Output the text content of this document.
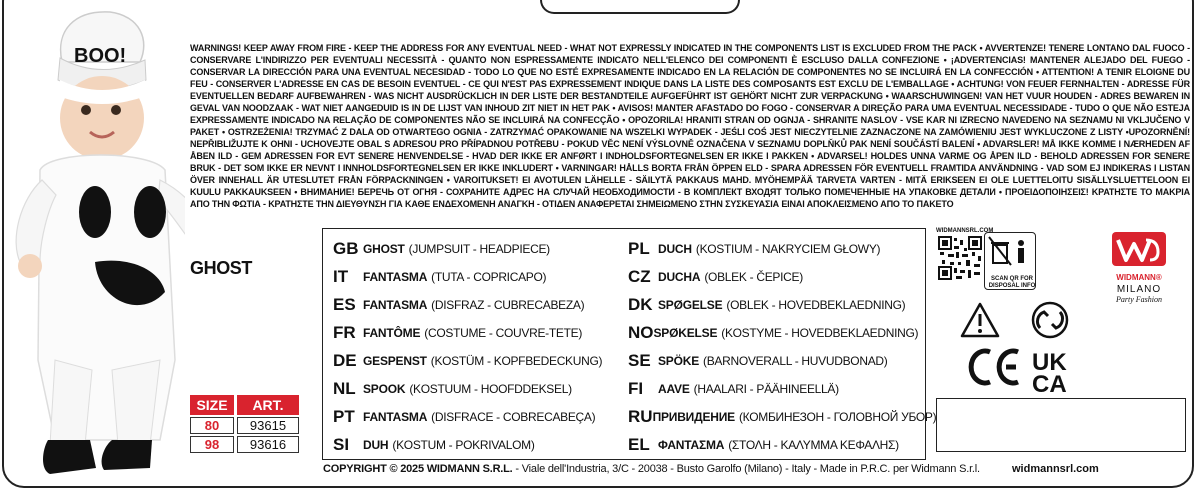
BOO!	WARNINGS! KEEP AWAY FROM FIRE - KEEP THE ADDRESS FOR ANY EVENTUAL NEED - WHAT NOT EXPRESSLY INDICATED IN THE COMPONENTS LIST IS EXCLUDED FROM THE PACK • AVVERTENZE! TENERE LONTANO DAL FUOCO - CONSERVARE L'INDIRIZZO PER EVENTUALI NECESSITÀ - QUANTO NON ESPRESSAMENTE INDICATO NELL'ELENCO DEI COMPONENTI È ESCLUSO DALLA CONFEZIONE • ¡ADVERTENCIAS! MANTENER ALEJADO DEL FUEGO - CONSERVAR LA DIRECCIÓN PARA UNA EVENTUAL NECESIDAD - TODO LO QUE NO ESTÉ EXPRESAMENTE INDICADO EN LA RELACIÓN DE COMPONENTES NO SE INCLUIRÁ EN LA CONFECCIÓN • ATTENTION! A TENIR ELOIGNE DU FEU - CONSERVER L'ADRESSE EN CAS DE BESOIN EVENTUEL - CE QUI N'EST PAS EXPRESSEMENT INDIQUE DANS LA LISTE DES COMPOSANTS EST EXCLU DE L'EMBALLAGE • ACHTUNG! VON FEUER FERNHALTEN - ADRESSE FÜR EVENTUELLEN BEDARF AUFBEWAHREN - WAS NICHT AUSDRÜCKLICH IN DER LISTE DER BESTANDTEILE AUFGEFÜHRT IST GEHÖRT NICHT ZUR VERPACKUNG • WAARSCHUWINGEN! VAN HET VUUR HOUDEN - ADRES BEWAREN IN GEVAL VAN NOODZAAK - WAT NIET AANGEDUID IS IN DE LIJST VAN INHOUD ZIT NIET IN HET PAK • AVISOS! MANTER AFASTADO DO FOGO - CONSERVAR A DIREÇÃO PARA UMA EVENTUAL NECESSIDADE - TUDO O QUE NÃO ESTEJA EXPRESSAMENTE INDICADO NA RELAÇÃO DE COMPONENTES NÃO SE INCLUIRÁ NA CONFECÇÃO • OPOZORILA! HRANITI STRAN OD OGNJA - SHRANITE NASLOV - VSE KAR NI IZRECNO NAVEDENO NA SEZNAMU NI VKLJUČENO V PAKET • OSTRZEŻENIA! TRZYMAĆ Z DALA OD OTWARTEGO OGNIA - ZATRZYMAĆ OPAKOWANIE NA WSZELKI WYPADEK - JEŚLI COŚ JEST NIECZYTELNIE ZAZNACZONE NA ZAMÓWIENIU JEST WYKLUCZONE Z LISTY •UPOZORNĚNÍ! NEPŘIBLIŽUJTE K OHNI - UCHOVEJTE OBAL S ADRESOU PRO PŘÍPADNOU POTŘEBU - POKUD VĚC NENÍ VÝSLOVNĚ OZNAČENA V SEZNAMU DOPLŇKŮ PAK NENÍ SOUČÁSTÍ BALENÍ • ADVARSLER! MÅ IKKE KOMME I NÆRHEDEN AF ÅBEN ILD - GEM ADRESSEN FOR EVT SENERE HENVENDELSE - HVAD DER IKKE ER ANFØRT I INDHOLDSFORTEGNELSEN ER IKKE I PAKKEN • ADVARSEL! HOLDES UNNA VARME OG ÅPEN ILD - BEHOLD ADRESSEN FOR SENERE BRUK - DET SOM IKKE ER NEVNT I INNHOLDSFORTEGNELSEN ER IKKE INKLUDERT • VARNINGAR! HÅLLS BORTA FRÅN ÖPPEN ELD - SPARA ADRESSEN FÖR EVENTUELL FRAMTIDA ANVÄNDNING - VAD SOM EJ INDIKERAS I LISTAN ÖVER INNEHALL ÄR UTESLUTET FRÅN FÖRPACKNINGEN • VAROITUKSET! EI AVOTULEN LÄHELLE - SÄILYTÄ PAKKAUS MAHD. MYÖHEMPÄÄ TARVETA VARTEN - MITÄ ERIKSEEN EI OLE LUETTELOITU SISÄLLYSLUETTELOON EI KUULU PAKKAUKSEEN • ВНИМАНИЕ! БЕРЕЧЬ ОТ ОГНЯ - СОХРАНИТЕ АДРЕС НА СЛУЧАЙ НЕОБХОДИМОСТИ - В КОМПЛЕКТ ВХОДЯТ ТОЛЬКО ПОМЕЧЕННЫЕ НА УПАКОВКЕ ДЕТАЛИ • ΠΡΟΕΙΔΟΠΟΙΗΣΕΙΣ! ΚΡΑΤΗΣΤΕ ΤΟ ΜΑΚΡΙΑ ΑΠΟ ΤΗΝ ΦΩΤΙΑ - ΚΡΑΤΗΣΤΕ ΤΗΝ ΔΙΕΥΘΥΝΣΗ ΓΙΑ ΚΑΘΕ ΕΝΔΕΧΟΜΕΝΗ ΑΝΑΓΚΗ - ΟΤΙΔΕΝ ΑΝΑΦΕΡΕΤΑΙ ΣΗΜΕΙΩΜΕΝΟ ΣΤΗΝ ΣΥΣΚΕΥΑΣΙΑ ΕΙΝΑΙ ΑΠΟΚΛΕΙΣΜΕΝΟ ΑΠΟ ΤΟ ΠΑΚΕΤΟ
GHOST
SIZE	ART.
80	93615
98	93616
GB GHOST (JUMPSUIT - HEADPIECE)
IT	FANTASMA (TUTA - COPRICAPO)
ES FANTASMA (DISFRAZ - CUBRECABEZA)
FR FANTÔME (COSTUME - COUVRE-TETE)
DE GESPENST (KOSTÜM - KOPFBEDECKUNG)
NL SPOOK (KOSTUUM - HOOFDDEKSEL)
PT FANTASMA (DISFRACE - COBRECABEÇA)
SI	DUH (KOSTUM - POKRIVALOM)
PL DUCH (KOSTIUM - NAKRYCIEM GŁOWY)
CZ DUCHA (OBLEK - ČEPICE)
DK SPØGELSE (OBLEK - HOVEDBEKLAEDNING)
NO SPØKELSE (KOSTYME - HOVEDBEKLAEDNING)
SE SPÖKE (BARNOVERALL - HUVUDBONAD)
FI	AAVE (HAALARI - PÄÄHINEELLÄ)
RU ПРИВИДЕНИЕ (КОМБИНЕЗОН - ГОЛОВНОЙ УБОР)
EL ΦΑΝΤΑΣΜΑ (ΣΤΟΛΗ - ΚΑΛΥΜΜΑ ΚΕΦΑΛΗΣ)
COPYRIGHT © 2025 WIDMANN S.R.L. - Viale dell'Industria, 3/C - 20038 - Busto Garolfo (Milano) - Italy - Made in P.R.C. per Widmann S.r.l.	widmannsrl.com
WIDMANNSRL.COM
SCAN QR FOR
DISPOSAL INFO
WIDMANN®
MILANO
Party Fashion
UK
CA
